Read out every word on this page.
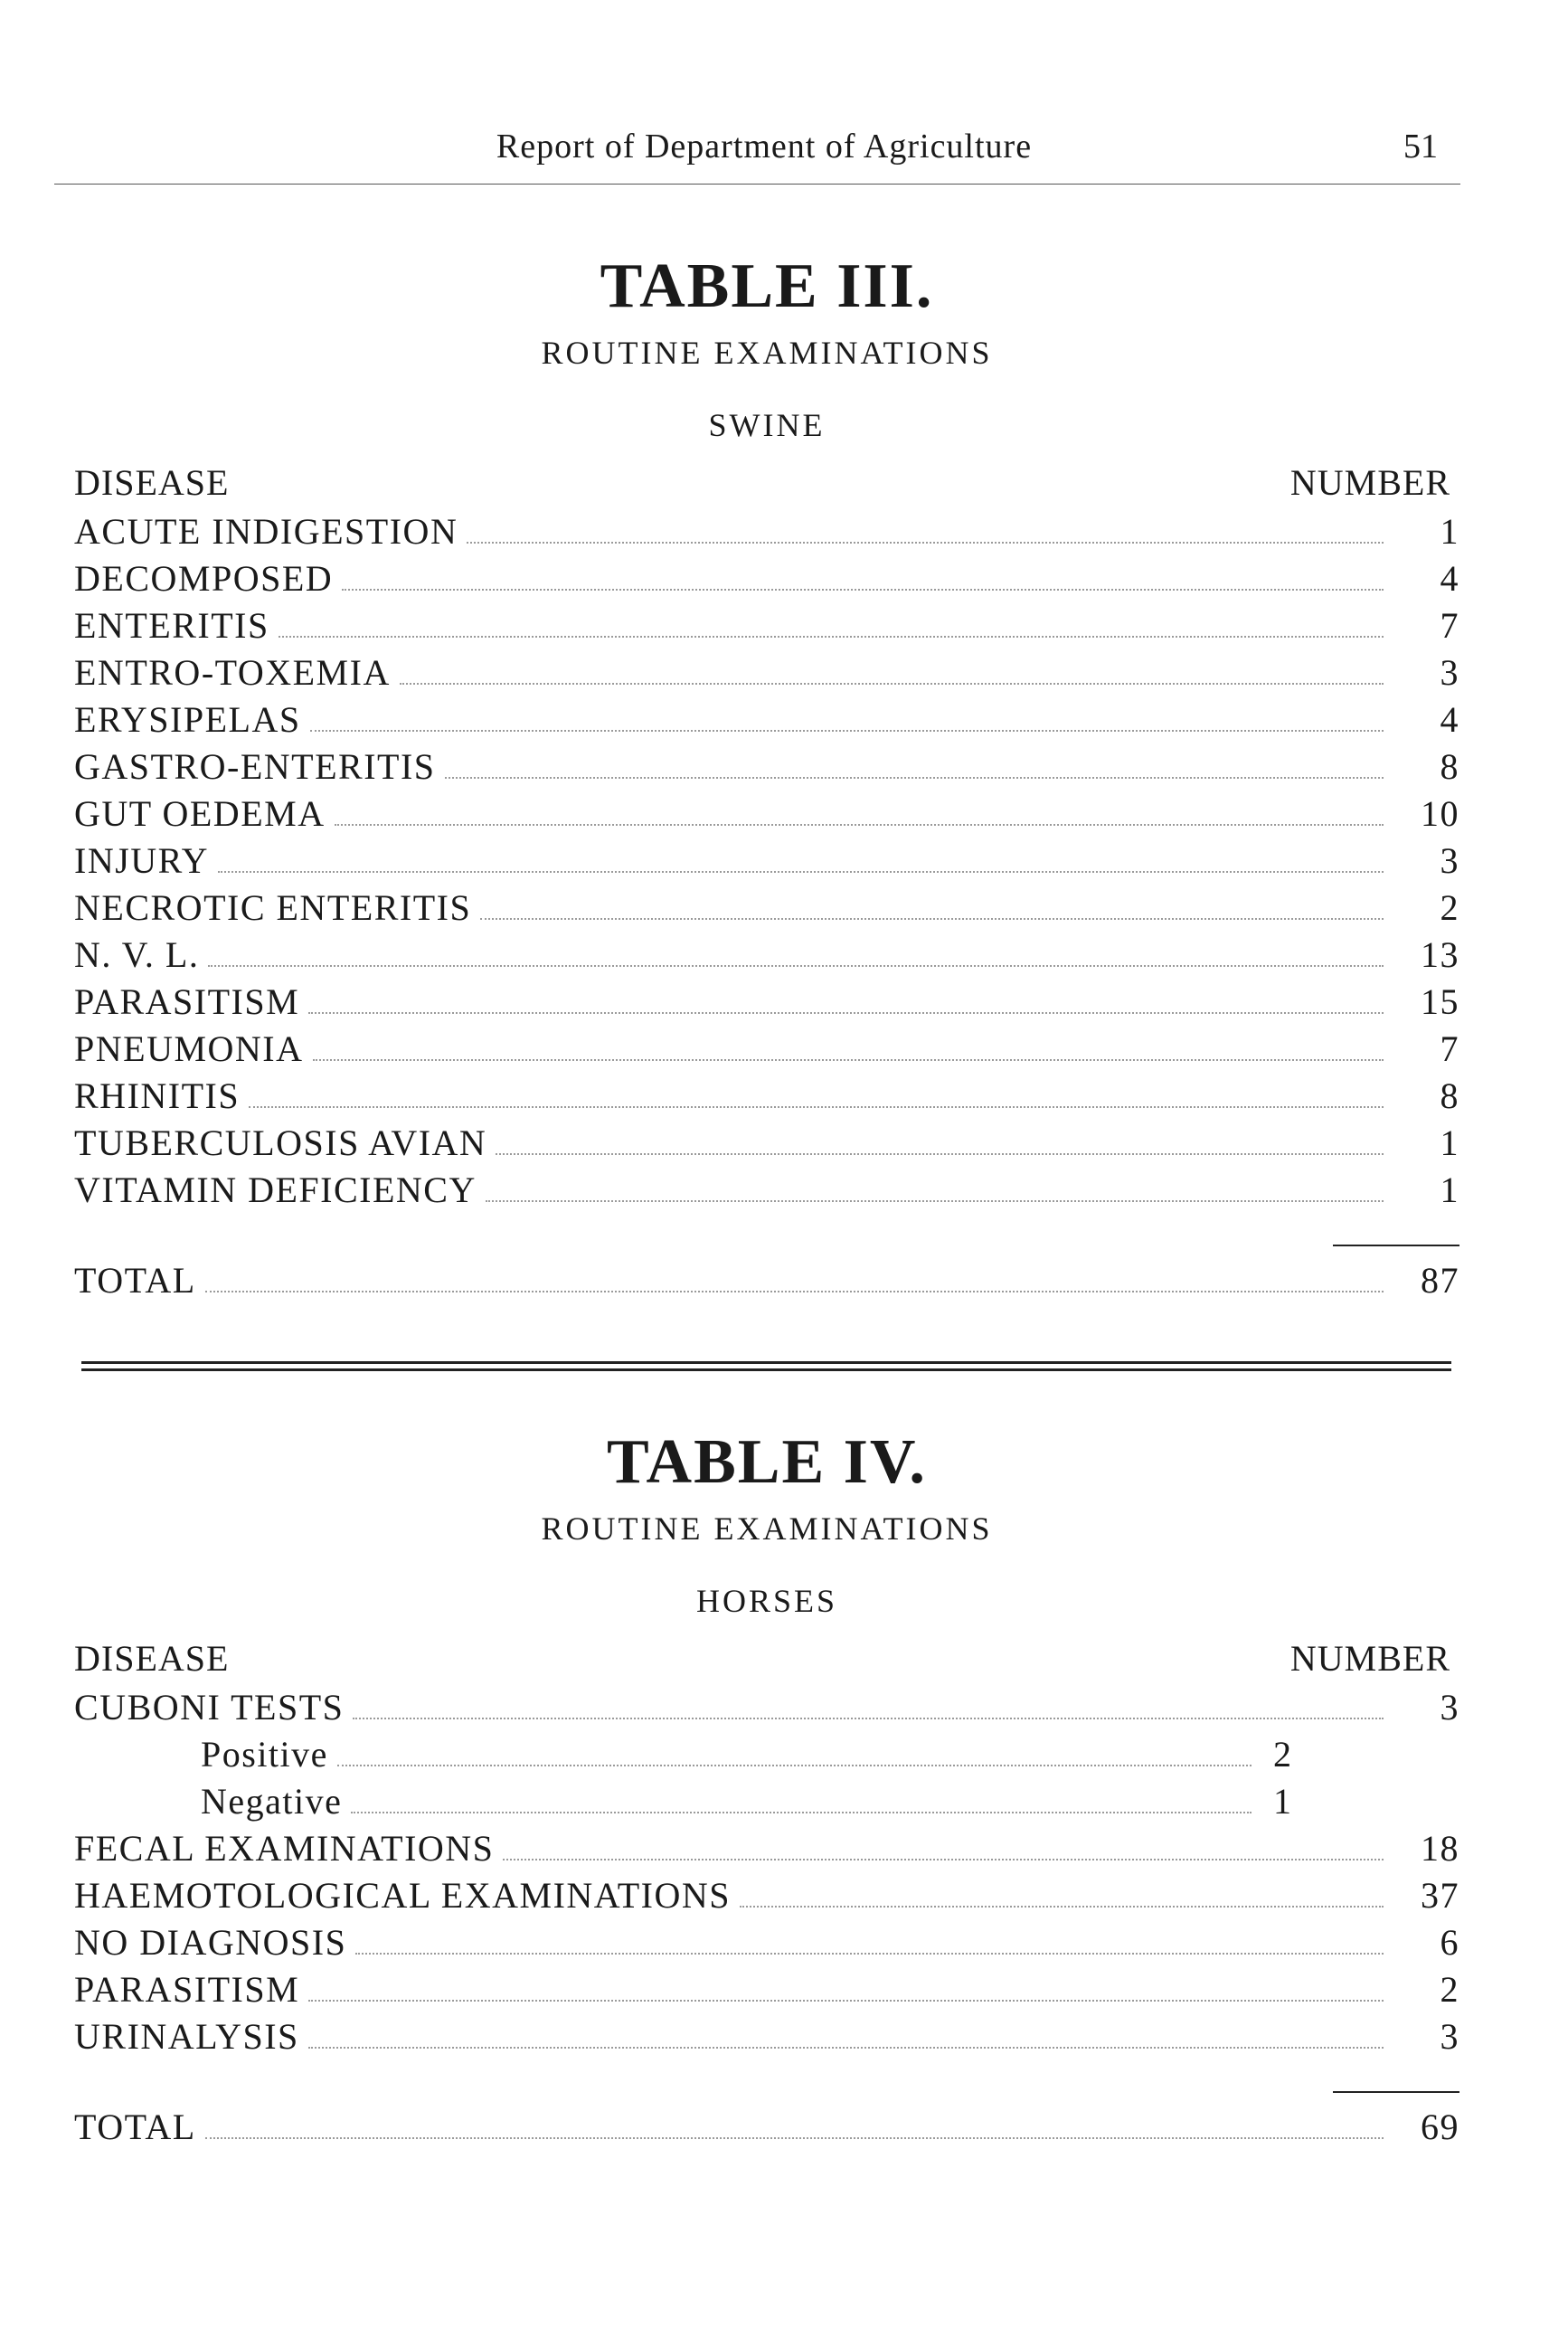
Report of Department of Agriculture	51
TABLE III.
ROUTINE EXAMINATIONS
SWINE
DISEASE	NUMBER
ACUTE INDIGESTION	1
DECOMPOSED	4
ENTERITIS	7
ENTRO-TOXEMIA	3
ERYSIPELAS	4
GASTRO-ENTERITIS	8
GUT OEDEMA	10
INJURY	3
NECROTIC ENTERITIS	2
N. V. L.	13
PARASITISM	15
PNEUMONIA	7
RHINITIS	8
TUBERCULOSIS AVIAN	1
VITAMIN DEFICIENCY	1
TOTAL	87
TABLE IV.
ROUTINE EXAMINATIONS
HORSES
DISEASE	NUMBER
CUBONI TESTS	3
Positive	2
Negative	1
FECAL EXAMINATIONS	18
HAEMOTOLOGICAL EXAMINATIONS	37
NO DIAGNOSIS	6
PARASITISM	2
URINALYSIS	3
TOTAL	69
